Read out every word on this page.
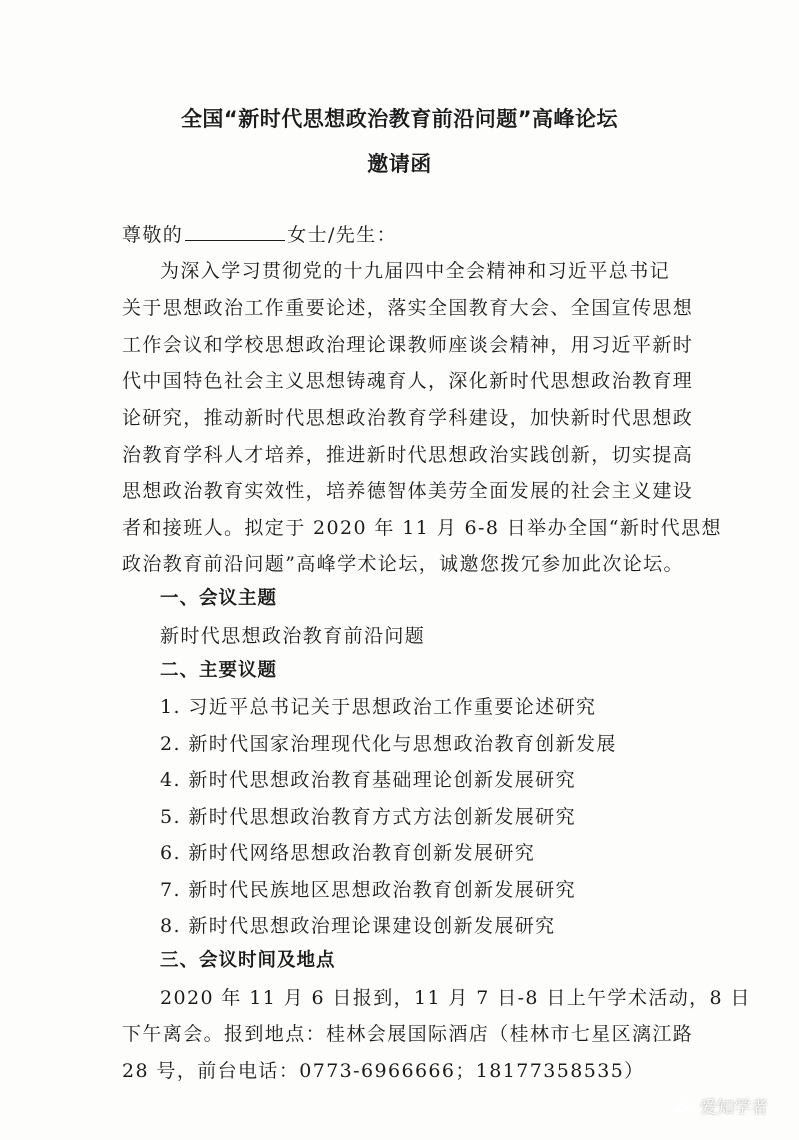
全国“新时代思想政治教育前沿问题”高峰论坛
邀请函
尊敬的	女士/先生：
为深入学习贯彻党的十九届四中全会精神和习近平总书记
关于思想政治工作重要论述，落实全国教育大会、全国宣传思想
工作会议和学校思想政治理论课教师座谈会精神，用习近平新时
代中国特色社会主义思想铸魂育人，深化新时代思想政治教育理
论研究，推动新时代思想政治教育学科建设，加快新时代思想政
治教育学科人才培养，推进新时代思想政治实践创新，切实提高
思想政治教育实效性，培养德智体美劳全面发展的社会主义建设
者和接班人。拟定于 2020 年 11 月 6-8 日举办全国“新时代思想
政治教育前沿问题”高峰学术论坛，诚邀您拨冗参加此次论坛。
一、会议主题
新时代思想政治教育前沿问题
二、主要议题
1. 习近平总书记关于思想政治工作重要论述研究
2. 新时代国家治理现代化与思想政治教育创新发展
4. 新时代思想政治教育基础理论创新发展研究
5. 新时代思想政治教育方式方法创新发展研究
6. 新时代网络思想政治教育创新发展研究
7. 新时代民族地区思想政治教育创新发展研究
8. 新时代思想政治理论课建设创新发展研究
三、会议时间及地点
2020 年 11 月 6 日报到，11 月 7 日-8 日上午学术活动，8 日
下午离会。报到地点：桂林会展国际酒店（桂林市七星区漓江路
28 号，前台电话：0773-6966666；18177358535）
爱知学者
